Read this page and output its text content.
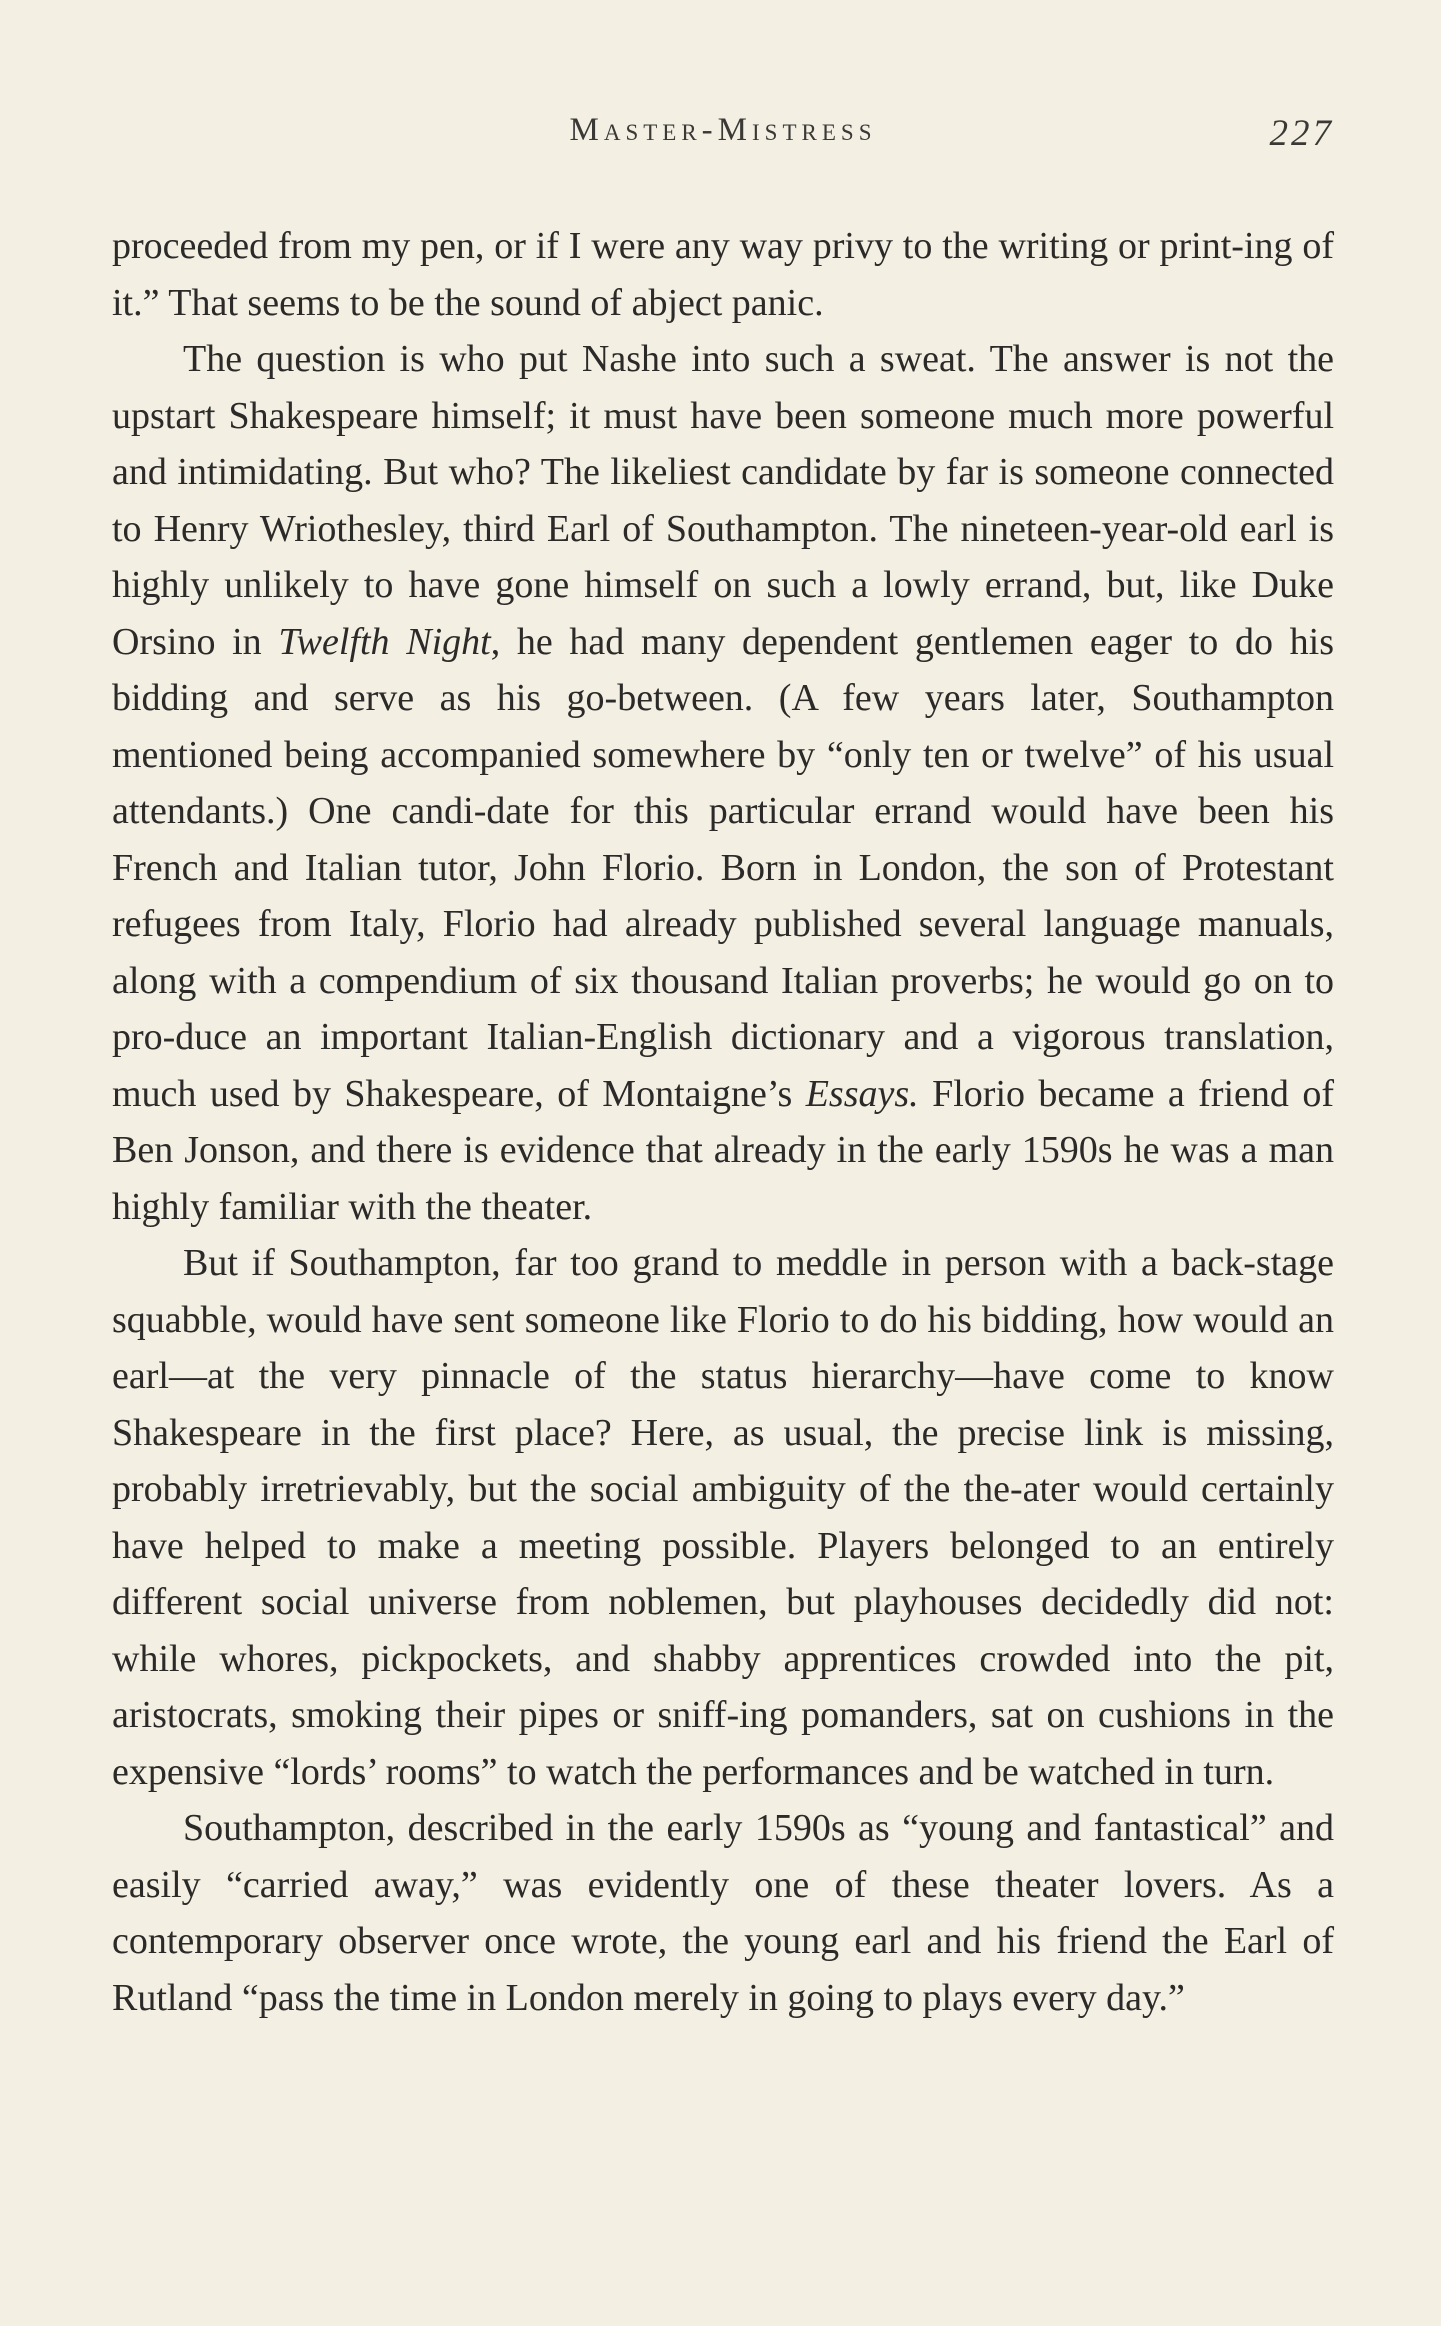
Master-Mistress	227

proceeded from my pen, or if I were any way privy to the writing or print-ing of it.” That seems to be the sound of abject panic.

The question is who put Nashe into such a sweat. The answer is not the upstart Shakespeare himself; it must have been someone much more powerful and intimidating. But who? The likeliest candidate by far is someone connected to Henry Wriothesley, third Earl of Southampton. The nineteen-year-old earl is highly unlikely to have gone himself on such a lowly errand, but, like Duke Orsino in Twelfth Night, he had many dependent gentlemen eager to do his bidding and serve as his go-between. (A few years later, Southampton mentioned being accompanied somewhere by “only ten or twelve” of his usual attendants.) One candi-date for this particular errand would have been his French and Italian tutor, John Florio. Born in London, the son of Protestant refugees from Italy, Florio had already published several language manuals, along with a compendium of six thousand Italian proverbs; he would go on to pro-duce an important Italian-English dictionary and a vigorous translation, much used by Shakespeare, of Montaigne’s Essays. Florio became a friend of Ben Jonson, and there is evidence that already in the early 1590s he was a man highly familiar with the theater.

But if Southampton, far too grand to meddle in person with a back-stage squabble, would have sent someone like Florio to do his bidding, how would an earl—at the very pinnacle of the status hierarchy—have come to know Shakespeare in the first place? Here, as usual, the precise link is missing, probably irretrievably, but the social ambiguity of the the-ater would certainly have helped to make a meeting possible. Players belonged to an entirely different social universe from noblemen, but playhouses decidedly did not: while whores, pickpockets, and shabby apprentices crowded into the pit, aristocrats, smoking their pipes or sniff-ing pomanders, sat on cushions in the expensive “lords’ rooms” to watch the performances and be watched in turn.

Southampton, described in the early 1590s as “young and fantastical” and easily “carried away,” was evidently one of these theater lovers. As a contemporary observer once wrote, the young earl and his friend the Earl of Rutland “pass the time in London merely in going to plays every day.”
